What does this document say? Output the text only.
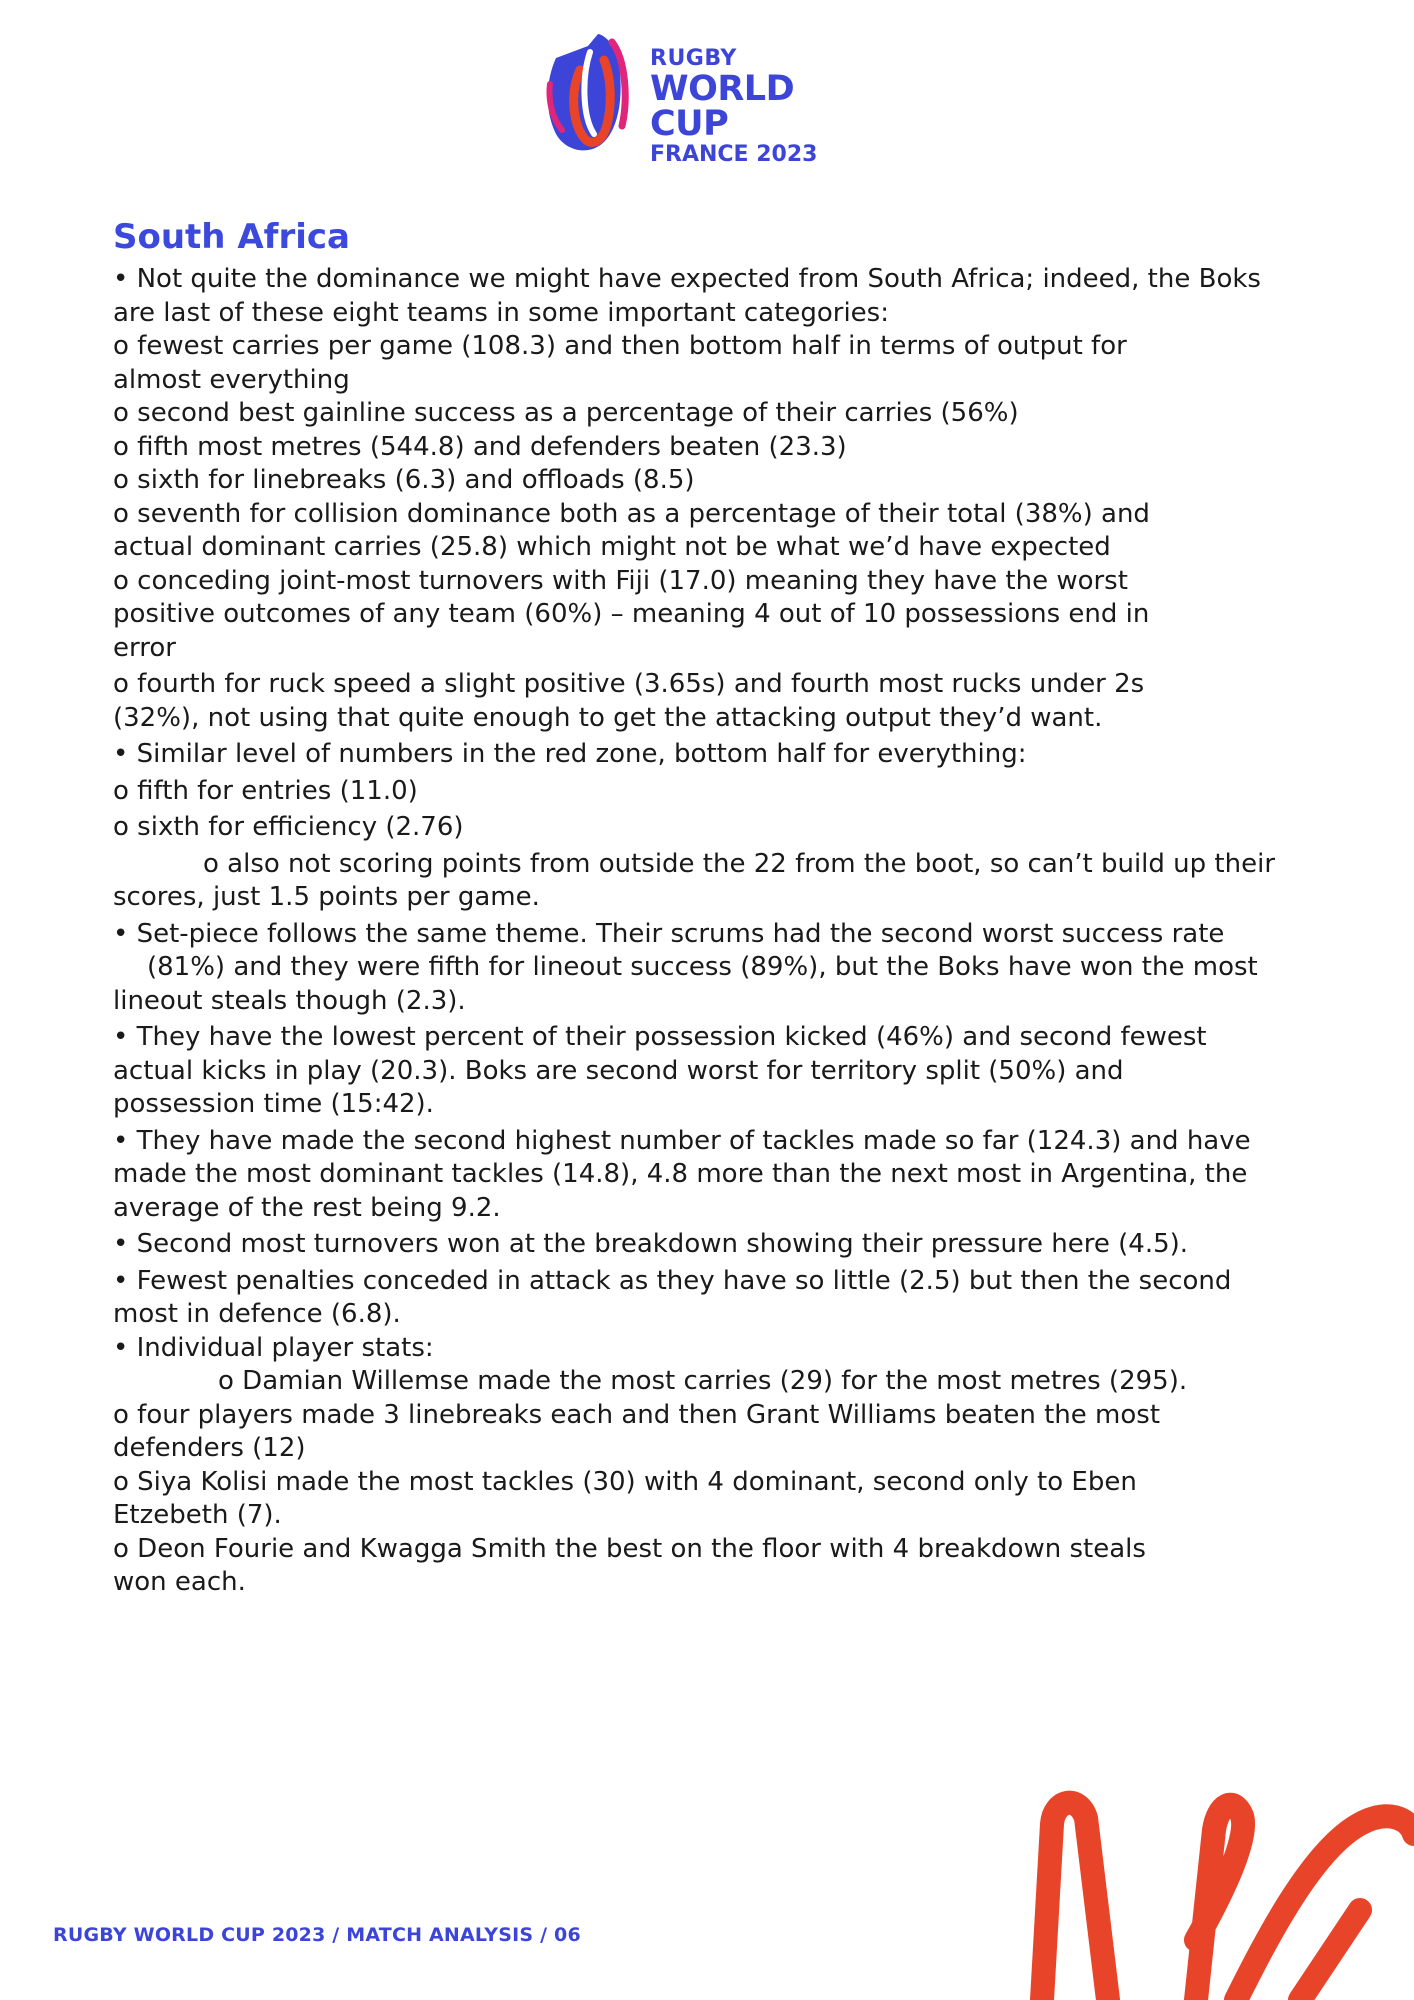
RUGBY
WORLD CUP
FRANCE 2023
South Africa
• Not quite the dominance we might have expected from South Africa; indeed, the Boks
are last of these eight teams in some important categories:
o fewest carries per game (108.3) and then bottom half in terms of output for
almost everything
o second best gainline success as a percentage of their carries (56%)
o fifth most metres (544.8) and defenders beaten (23.3)
o sixth for linebreaks (6.3) and offloads (8.5)
o seventh for collision dominance both as a percentage of their total (38%) and
actual dominant carries (25.8) which might not be what we’d have expected
o conceding joint-most turnovers with Fiji (17.0) meaning they have the worst
positive outcomes of any team (60%) – meaning 4 out of 10 possessions end in
error
o fourth for ruck speed a slight positive (3.65s) and fourth most rucks under 2s
(32%), not using that quite enough to get the attacking output they’d want.
• Similar level of numbers in the red zone, bottom half for everything:
o fifth for entries (11.0)
o sixth for efficiency (2.76)
o also not scoring points from outside the 22 from the boot, so can’t build up their
scores, just 1.5 points per game.
• Set-piece follows the same theme. Their scrums had the second worst success rate
(81%) and they were fifth for lineout success (89%), but the Boks have won the most
lineout steals though (2.3).
• They have the lowest percent of their possession kicked (46%) and second fewest
actual kicks in play (20.3). Boks are second worst for territory split (50%) and
possession time (15:42).
• They have made the second highest number of tackles made so far (124.3) and have
made the most dominant tackles (14.8), 4.8 more than the next most in Argentina, the
average of the rest being 9.2.
• Second most turnovers won at the breakdown showing their pressure here (4.5).
• Fewest penalties conceded in attack as they have so little (2.5) but then the second
most in defence (6.8).
• Individual player stats:
o Damian Willemse made the most carries (29) for the most metres (295).
o four players made 3 linebreaks each and then Grant Williams beaten the most
defenders (12)
o Siya Kolisi made the most tackles (30) with 4 dominant, second only to Eben
Etzebeth (7).
o Deon Fourie and Kwagga Smith the best on the floor with 4 breakdown steals
won each.
RUGBY WORLD CUP 2023 / MATCH ANALYSIS / 06
